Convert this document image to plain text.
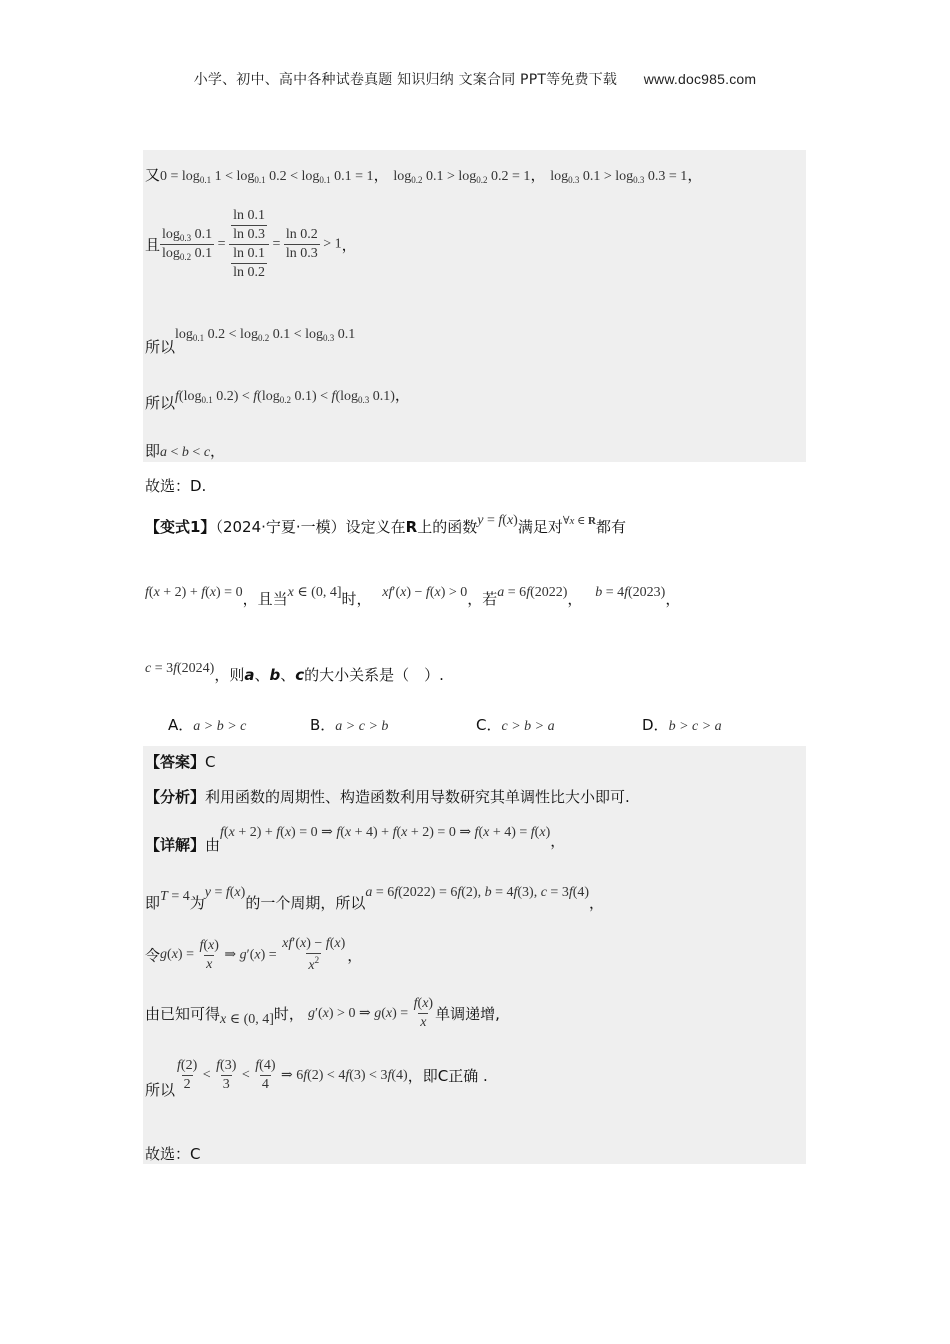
小学、初中、高中各种试卷真题 知识归纳 文案合同 PPT等免费下载 www.doc985.com
又$0 = \log_{0.1} 1 < \log_{0.1} 0.2 < \log_{0.1} 0.1 = 1$， $\log_{0.2} 0.1 > \log_{0.2} 0.2 = 1$， $\log_{0.3} 0.1 > \log_{0.3} 0.3 = 1$，
且 $\frac{\log_{0.3} 0.1}{\log_{0.2} 0.1} = \frac{\frac{\ln 0.1}{\ln 0.3}}{\frac{\ln 0.1}{\ln 0.2}} = \frac{\ln 0.2}{\ln 0.3} > 1$，
所以$\log_{0.1} 0.2 < \log_{0.2} 0.1 < \log_{0.3} 0.1$
所以$f(\log_{0.1}$ $0.2) < f(\log_{0.2}$ $0.1) < f(\log_{0.3}$ 0.1)，
即a < b < c，
故选：D.
【变式1】（2024·宁夏·一模）设定义在R上的函数y = f(x)满足对$^{\forall x \in R}$都有
f(x + 2) + f(x) = 0，且当x ∈ (0, 4]时， xf′(x) − f(x) > 0，若a = 6f(2022)， b = 4f(2023)，
c = 3f(2024)，则a、b、c的大小关系是（　）.
A．a > b > c	B．a > c > b	C．c > b > a	D．b > c > a
【答案】C
【分析】利用函数的周期性、构造函数利用导数研究其单调性比大小即可.
【详解】由f(x + 2) + f(x) = 0 ⇒ f(x + 4) + f(x + 2) = 0 ⇒ f(x + 4) = f(x)，
即T = 4为y = f(x)的一个周期，所以a = 6f(2022) = 6f(2), b = 4f(3), c = 3f(4)，
令$g(x) = \frac{f(x)}{x}$ ⇒ $g'(x) = \frac{xf'(x) - f(x)}{x^2}$ ，
由已知可得x ∈ (0, 4]时， g′(x) > 0 ⇒ $g(x) = \frac{f(x)}{x}$ 单调递增,
所以 $\frac{f(2)}{2} < \frac{f(3)}{3} < \frac{f(4)}{4}$ ⇒ 6f(2) < 4f(3) < 3f(4)，即C正确 .
故选：C
